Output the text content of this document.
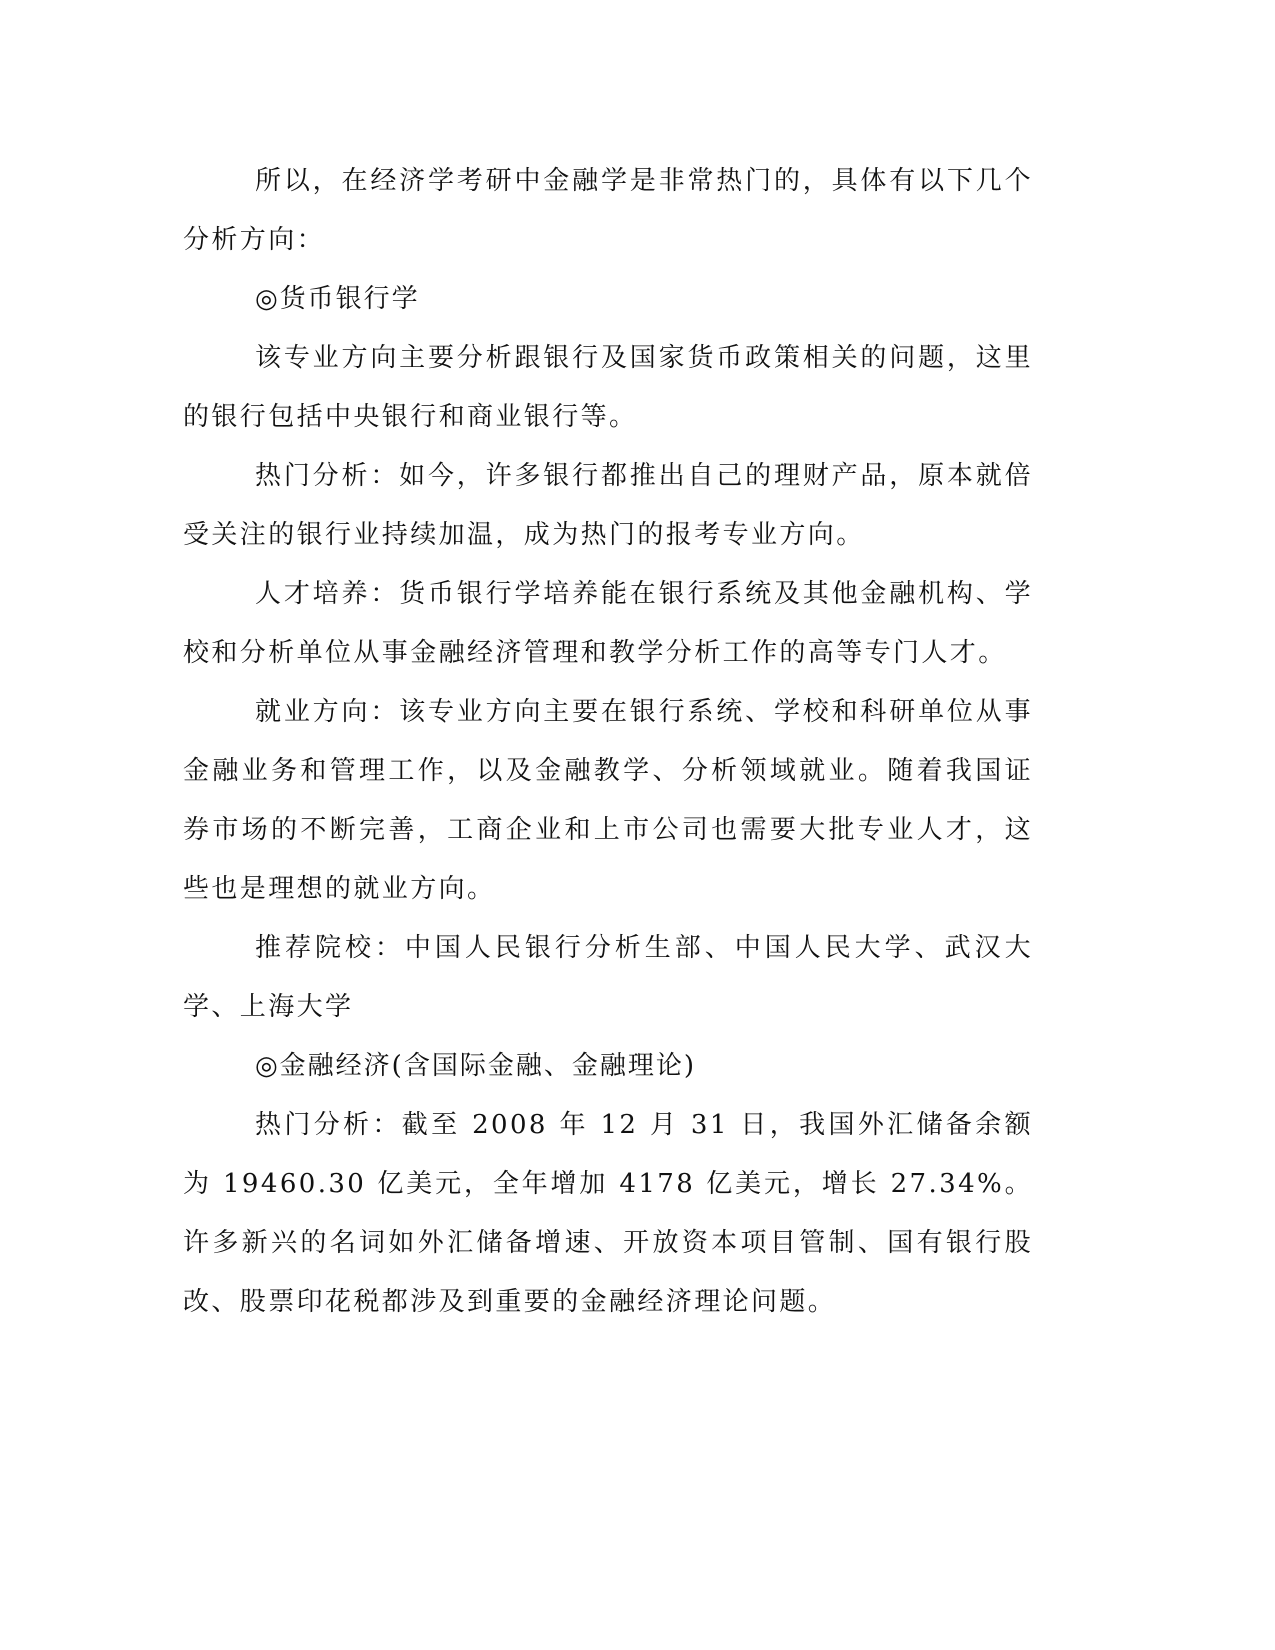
所以，在经济学考研中金融学是非常热门的，具体有以下几个分析方向：

◎货币银行学

该专业方向主要分析跟银行及国家货币政策相关的问题，这里的银行包括中央银行和商业银行等。

热门分析：如今，许多银行都推出自己的理财产品，原本就倍受关注的银行业持续加温，成为热门的报考专业方向。

人才培养：货币银行学培养能在银行系统及其他金融机构、学校和分析单位从事金融经济管理和教学分析工作的高等专门人才。

就业方向：该专业方向主要在银行系统、学校和科研单位从事金融业务和管理工作，以及金融教学、分析领域就业。随着我国证券市场的不断完善，工商企业和上市公司也需要大批专业人才，这些也是理想的就业方向。

推荐院校：中国人民银行分析生部、中国人民大学、武汉大学、上海大学

◎金融经济(含国际金融、金融理论)

热门分析：截至 2008 年 12 月 31 日，我国外汇储备余额为 19460.30 亿美元，全年增加 4178 亿美元，增长 27.34%。许多新兴的名词如外汇储备增速、开放资本项目管制、国有银行股改、股票印花税都涉及到重要的金融经济理论问题。
